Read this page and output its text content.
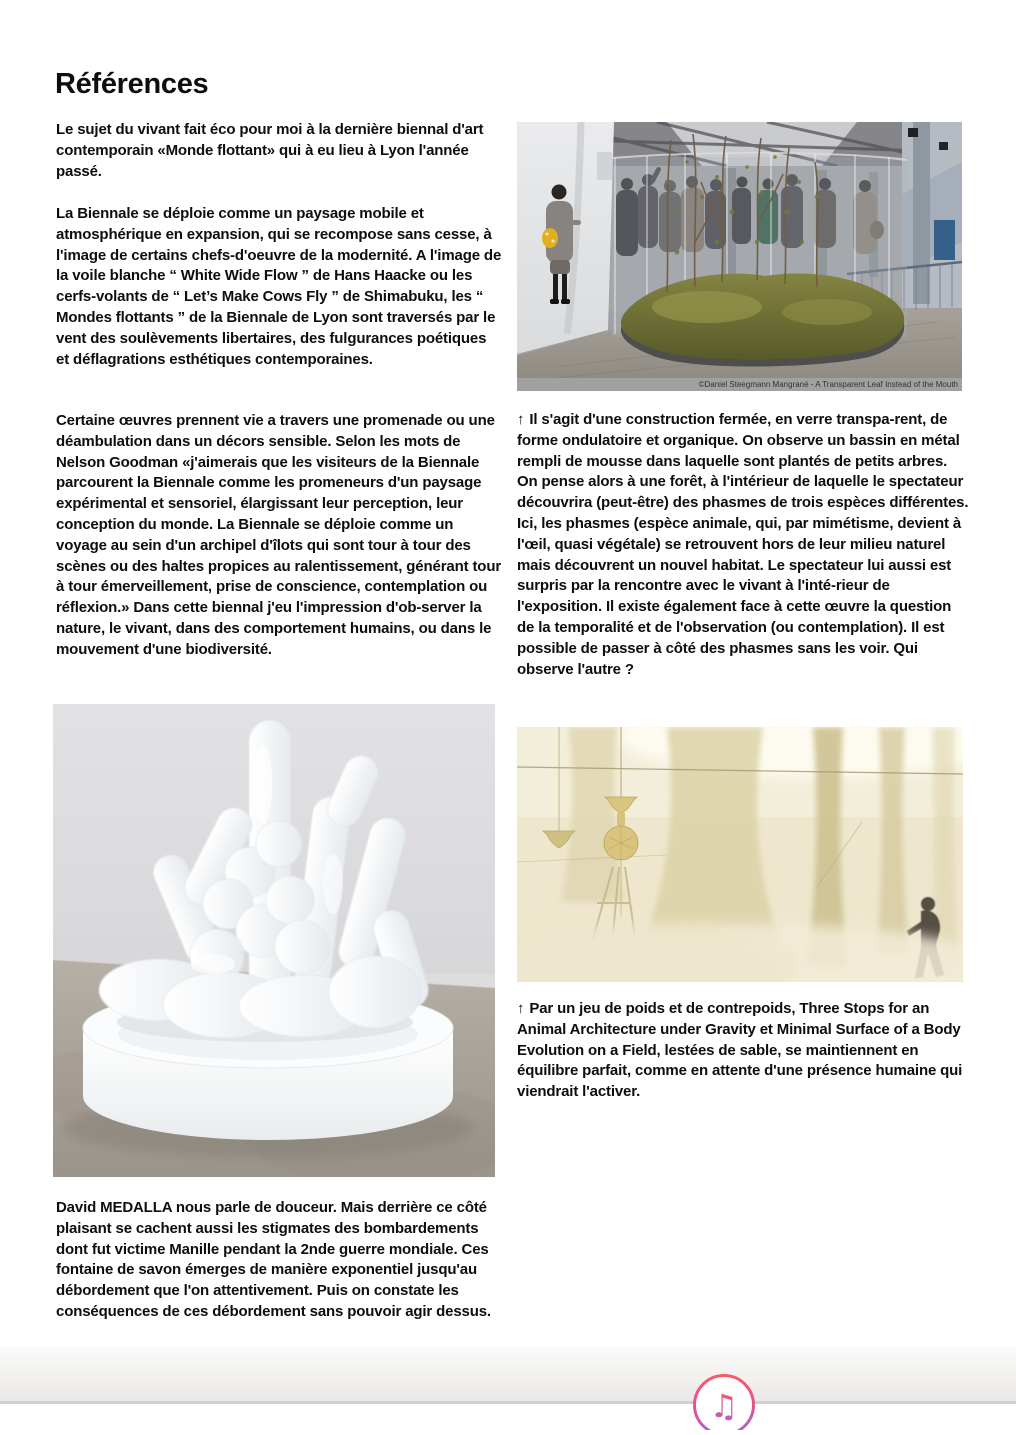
Références

Le sujet du vivant fait éco pour moi à la dernière biennal d'art contemporain «Monde flottant» qui à eu lieu à Lyon l'année passé.

La Biennale se déploie comme un paysage mobile et atmosphérique en expansion, qui se recompose sans cesse, à l'image de certains chefs-d'oeuvre de la modernité. A l'image de la voile blanche “ White Wide Flow ” de Hans Haacke ou les cerfs-volants de “ Let’s Make Cows Fly ” de Shimabuku, les “ Mondes flottants ” de la Biennale de Lyon sont traversés par le vent des soulèvements libertaires, des fulgurances poétiques et déflagrations esthétiques contemporaines.

Certaine œuvres prennent vie a travers une promenade ou une déambulation dans un décors sensible. Selon les mots de Nelson Goodman «j'aimerais que les visiteurs de la Biennale parcourent la Biennale comme les promeneurs d'un paysage expérimental et sensoriel, élargissant leur perception, leur conception du monde. La Biennale se déploie comme un voyage au sein d'un archipel d'îlots qui sont tour à tour des scènes ou des haltes propices au ralentissement, générant tour à tour émerveillement, prise de conscience, contemplation ou réflexion.» Dans cette biennal j'eu l'impression d'ob-server la nature, le vivant, dans des comportement humains, ou dans le mouvement d'une biodiversité.

©Daniel Steegmann Mangrané - A Transparent Leaf Instead of the Mouth

↑ Il s'agit d'une construction fermée, en verre transpa-rent, de forme ondulatoire et organique. On observe un bassin en métal rempli de mousse dans laquelle sont plantés de petits arbres. On pense alors à une forêt, à l'intérieur de laquelle le spectateur découvrira (peut-être) des phasmes de trois espèces différentes. Ici, les phasmes (espèce animale, qui, par mimétisme, devient à l'œil, quasi végétale) se retrouvent hors de leur milieu naturel mais découvrent un nouvel habitat. Le spectateur lui aussi est surpris par la rencontre avec le vivant à l'inté-rieur de l'exposition. Il existe également face à cette œuvre la question de la temporalité et de l'observation (ou contemplation). Il est possible de passer à côté des phasmes sans les voir. Qui observe l'autre ?

↑ Par un jeu de poids et de contrepoids, Three Stops for an Animal Architecture under Gravity et Minimal Surface of a Body Evolution on a Field, lestées de sable, se maintiennent en équilibre parfait, comme en attente d'une présence humaine qui viendrait l'activer.

David MEDALLA nous parle de douceur. Mais derrière ce côté plaisant se cachent aussi les stigmates des bombardements dont fut victime Manille pendant la 2nde guerre mondiale. Ces fontaine de savon émerges de manière exponentiel jusqu'au débordement que l'on attentivement. Puis on constate les conséquences de ces débordement sans pouvoir agir dessus.

♫
